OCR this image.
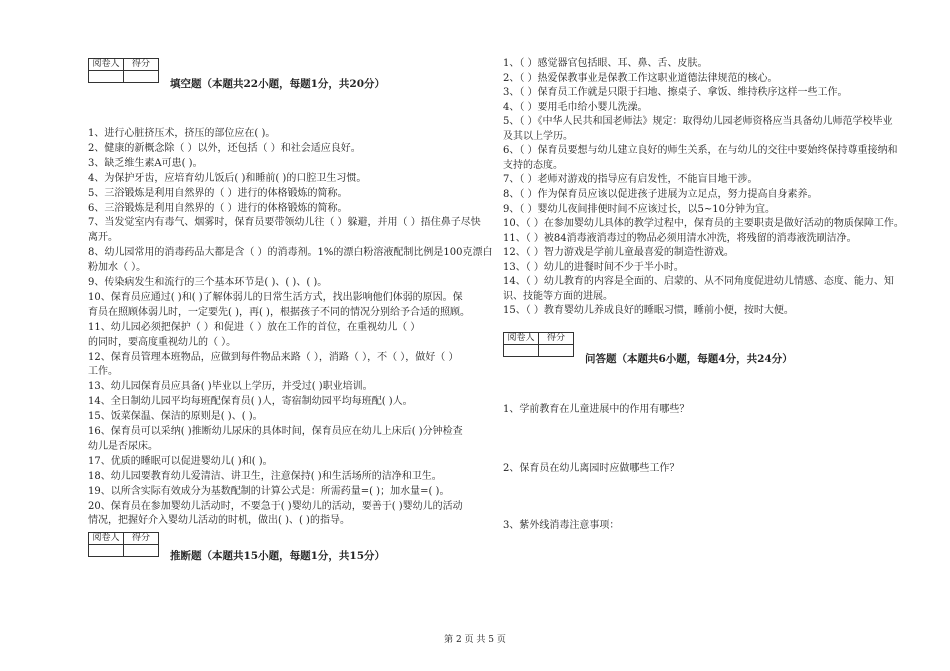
阅卷人	得分

填空题（本题共22小题，每题1分，共20分）
1、进行心脏挤压术，挤压的部位应在( )。
2、健康的新概念除（ ）以外，还包括（ ）和社会适应良好。
3、缺乏维生素A可患( )。
4、为保护牙齿，应培育幼儿饭后( )和睡前( )的口腔卫生习惯。
5、三浴锻炼是利用自然界的（ ）进行的体格锻炼的简称。
6、三浴锻炼是利用自然界的（ ）进行的体格锻炼的简称。
7、当发觉室内有毒气、烟雾时，保育员要带领幼儿往（ ）躲避，并用（ ）捂住鼻子尽快
离开。
8、幼儿园常用的消毒药品大都是含（ ）的消毒剂。1%的漂白粉溶液配制比例是100克漂白
粉加水（ ）。
9、传染病发生和流行的三个基本环节是( )、( )、( )。
10、保育员应通过( )和( )了解体弱儿的日常生活方式，找出影响他们体弱的原因。保
育员在照顾体弱儿时，一定要先( )，再( )，根据孩子不同的情况分别给予合适的照顾。
11、幼儿园必须把保护（ ）和促进（ ）放在工作的首位，在重视幼儿（ ）
的同时，要高度重视幼儿的（ ）。
12、保育员管理本班物品，应做到每件物品来路（ ），消路（ ），不（ ），做好（ ）
工作。
13、幼儿园保育员应具备( )毕业以上学历，并受过( )职业培训。
14、全日制幼儿园平均每班配保育员( )人，寄宿制幼园平均每班配( )人。
15、饭菜保温、保洁的原则是( )、( )。
16、保育员可以采纳( )推断幼儿尿床的具体时间，保育员应在幼儿上床后( )分钟检查
幼儿是否尿床。
17、优质的睡眠可以促进婴幼儿( )和( )。
18、幼儿园要教育幼儿爱清洁、讲卫生，注意保持( )和生活场所的洁净和卫生。
19、以所含实际有效成分为基数配制的计算公式是：所需药量=( )；加水量=( )。
20、保育员在参加婴幼儿活动时，不要急于( )婴幼儿的活动，要善于( )婴幼儿的活动
情况，把握好介入婴幼儿活动的时机，做出( )、( )的指导。
阅卷人	得分

推断题（本题共15小题，每题1分，共15分）
1、（ ）感觉器官包括眼、耳、鼻、舌、皮肤。
2、（ ）热爱保教事业是保教工作这职业道德法律规范的核心。
3、（ ）保育员工作就是只限于扫地、擦桌子、拿饭、维持秩序这样一些工作。
4、（ ）要用毛巾给小婴儿洗澡。
5、（ ）《中华人民共和国老师法》规定：取得幼儿园老师资格应当具备幼儿师范学校毕业
及其以上学历。
6、（ ）保育员要想与幼儿建立良好的师生关系，在与幼儿的交往中要始终保持尊重接纳和
支持的态度。
7、（ ）老师对游戏的指导应有启发性，不能盲目地干涉。
8、（ ）作为保育员应该以促进孩子进展为立足点，努力提高自身素养。
9、（ ）婴幼儿夜间排便时间不应该过长，以5~10分钟为宜。
10、（ ）在参加婴幼儿具体的教学过程中，保育员的主要职责是做好活动的物质保障工作。
11、（ ）被84消毒液消毒过的物品必须用清水冲洗，将残留的消毒液洗刷洁净。
12、（ ）智力游戏是学前儿童最喜爱的制造性游戏。
13、（ ）幼儿的进餐时间不少于半小时。
14、（ ）幼儿教育的内容是全面的、启蒙的、从不同角度促进幼儿情感、态度、能力、知
识、技能等方面的进展。
15、（ ）教育婴幼儿养成良好的睡眠习惯，睡前小便，按时大便。
阅卷人	得分

问答题（本题共6小题，每题4分，共24分）
1、学前教育在儿童进展中的作用有哪些？
2、保育员在幼儿离园时应做哪些工作？
3、紫外线消毒注意事项：
第 2 页 共 5 页
